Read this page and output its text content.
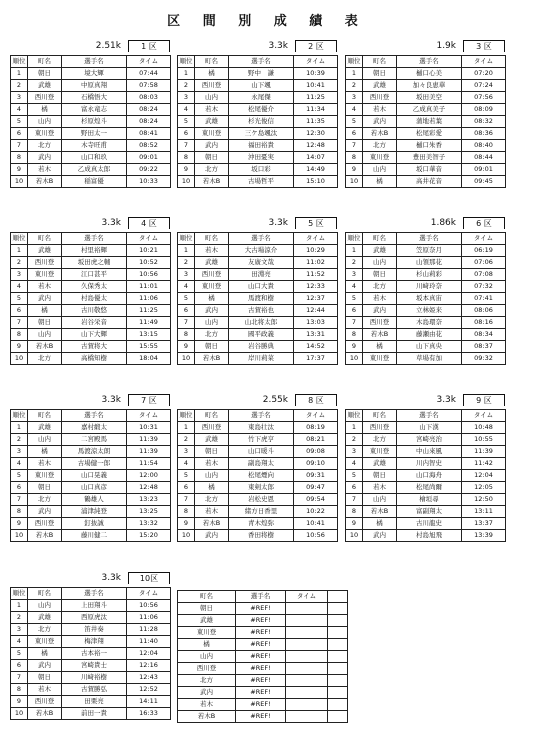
区 間 別 成 績 表
2.51k	1 区
順位	町名	選手名	タイム
1	朝日	境大輝	07:44
2	武雄	中原真翔	07:58
3	西川登	石橋悟大	08:03
4	橘	富永竜志	08:24
5	山内	杉原煌斗	08:24
6	東川登	野田太一	08:41
7	北方	木寺旺甫	08:52
8	武内	山口和玖	09:01
9	若木	乙成真太郎	09:22
10	若木B	稲富優	10:33
3.3k	2 区
順位	町名	選手名	タイム
1	橘	野中　謙	10:39
2	西川登	山下颯	10:41
3	山内	永尾傑	11:25
4	若木	松尾優介	11:34
5	武雄	杉光俊信	11:35
6	東川登	三ケ島颯汰	12:30
7	武内	福田裕貴	12:48
8	朝日	沖田憂実	14:07
9	北方	坂口彩	14:49
10	若木B	古場哲平	15:10
1.9k	3 区
順位	町名	選手名	タイム
1	朝日	樋口心美	07:20
2	武雄	加々良恵華	07:24
3	西川登	坂田美空	07:56
4	若木	乙成真美子	08:09
5	武内	蒲地若葉	08:32
6	若木B	松尾彩愛	08:36
7	北方	樋口朱香	08:40
8	東川登	豊田美智子	08:44
9	山内	坂口華音	09:01
10	橘	高井花音	09:45
3.3k	4 区
順位	町名	選手名	タイム
1	武雄	村里裕輝	10:21
2	西川登	坂田虎之輔	10:52
3	東川登	江口甚平	10:56
4	若木	久保秀太	11:01
5	武内	村島優太	11:06
6	橘	古川敬悠	11:25
7	朝日	岩谷栄音	11:49
8	山内	山下大輝	13:15
9	若木B	古賀将大	15:55
10	北方	高橋知樹	18:04
3.3k	5 区
順位	町名	選手名	タイム
1	若木	大古場涼介	10:29
2	武雄	友廣文哉	11:02
3	西川登	田淵亮	11:52
4	東川登	山口大貴	12:33
5	橘	馬渡和樹	12:37
6	武内	古賀裕也	12:44
7	山内	山北将太郎	13:03
8	北方	國平政義	13:31
9	朝日	岩谷勝典	14:52
10	若木B	岸川莉菜	17:37
1.86k	6 区
順位	町名	選手名	タイム
1	武雄	笠原奈月	06:19
2	山内	山領那花	07:06
3	朝日	杉山莉彩	07:08
4	北方	川﨑玲奈	07:32
5	若木	坂本真宙	07:41
6	武内	立林姫来	08:06
7	西川登	木島環奈	08:16
8	若木B	藤瀬由花	08:34
9	橘	山下真央	08:37
10	東川登	草場有加	09:32
3.3k	7 区
順位	町名	選手名	タイム
1	武雄	嘉村緞太	10:31
2	山内	二宮殿馬	11:39
3	橘	馬渡涼太朗	11:39
4	若木	古場健一郎	11:54
5	東川登	山口晃義	12:00
6	朝日	山口真彦	12:48
7	北方	鶴雄人	13:23
8	武内	浦津純登	13:25
9	西川登	釘抜誠	13:32
10	若木B	藤川健二	15:20
2.55k	8 区
順位	町名	選手名	タイム
1	西川登	東島壮汰	08:19
2	武雄	竹下虎亨	08:21
3	朝日	山口暖斗	09:08
4	若木	副島翔太	09:10
5	山内	松尾煙向	09:31
6	橘	東剣太郎	09:47
7	北方	岩松史恩	09:54
8	若木	緒方日香里	10:22
9	若木B	青木煌弥	10:41
10	武内	香田将樹	10:56
3.3k	9 区
順位	町名	選手名	タイム
1	西川登	山下漢	10:48
2	北方	宮崎亮治	10:55
3	東川登	中山來風	11:39
4	武雄	川内智史	11:42
5	朝日	山口海舟	12:04
6	若木	松尾尚爾	12:05
7	山内	檜垣尋	12:50
8	若木B	富副翔太	13:11
9	橘	古川龍史	13:37
10	武内	村島旭飛	13:39
3.3k	10区
順位	町名	選手名	タイム
1	山内	上田翔斗	10:56
2	武雄	西原虎汰	11:06
3	北方	笛井奏	11:28
4	東川登	梅津翔	11:40
5	橘	古本裕一	12:04
6	武内	宮崎貴士	12:16
7	朝日	川﨑裕樹	12:43
8	若木	古賀勝弘	12:52
9	西川登	田栗亮	14:11
10	若木B	前田一貴	16:33
町名	選手名	タイム	
朝日	#REF!		
武雄	#REF!		
東川登	#REF!		
橘	#REF!		
山内	#REF!		
西川登	#REF!		
北方	#REF!		
武内	#REF!		
若木	#REF!		
若木B	#REF!		
